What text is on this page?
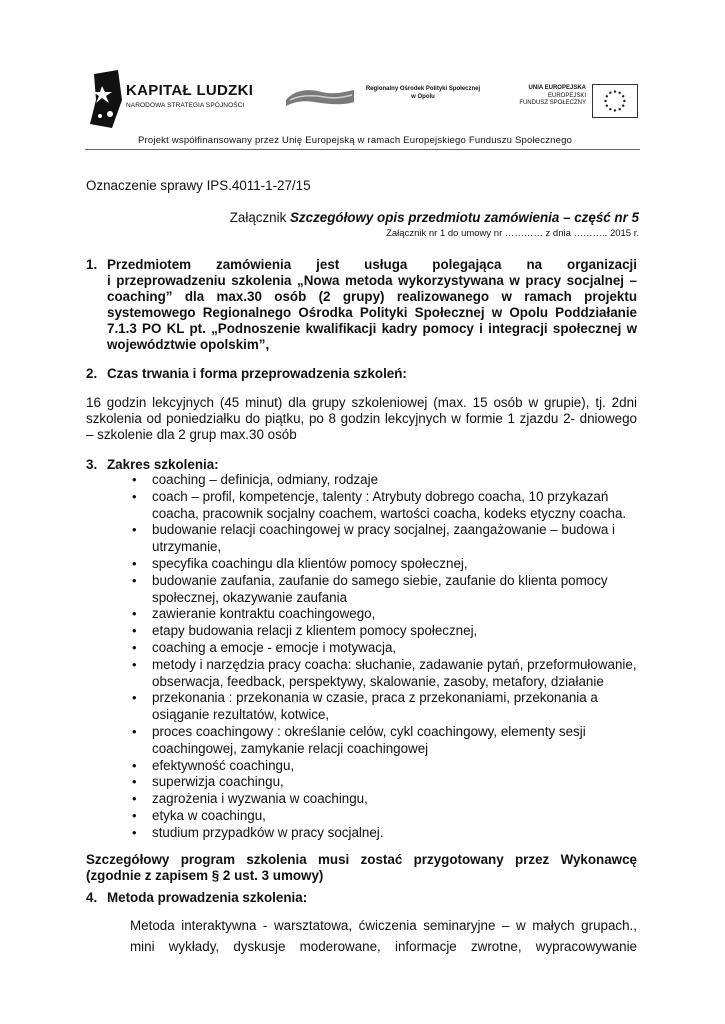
KAPITAŁ LUDZKI
NARODOWA STRATEGIA SPÓJNOŚCI
Regionalny Ośrodek Polityki Społecznej
w Opolu
UNIA EUROPEJSKA
EUROPEJSKI
FUNDUSZ SPOŁECZNY
Projekt współfinansowany przez Unię Europejską w ramach Europejskiego Funduszu Społecznego
Oznaczenie sprawy IPS.4011-1-27/15
Załącznik Szczegółowy opis przedmiotu zamówienia – część nr 5
Załącznik nr 1 do umowy nr ………… z dnia ……….. 2015 r.
1. Przedmiotem zamówienia jest usługa polegająca na organizacji
i przeprowadzeniu szkolenia „Nowa metoda wykorzystywana w pracy socjalnej –
coaching” dla max.30 osób (2 grupy) realizowanego w ramach projektu
systemowego Regionalnego Ośrodka Polityki Społecznej w Opolu Poddziałanie
7.1.3 PO KL pt. „Podnoszenie kwalifikacji kadry pomocy i integracji społecznej w
województwie opolskim”,
2. Czas trwania i forma przeprowadzenia szkoleń:
16 godzin lekcyjnych (45 minut) dla grupy szkoleniowej (max. 15 osób w grupie), tj. 2dni
szkolenia od poniedziałku do piątku, po 8 godzin lekcyjnych w formie 1 zjazdu 2- dniowego
– szkolenie dla 2 grup max.30 osób
3. Zakres szkolenia:
• coaching – definicja, odmiany, rodzaje
• coach – profil, kompetencje, talenty : Atrybuty dobrego coacha, 10 przykazań coacha, pracownik socjalny coachem, wartości coacha, kodeks etyczny coacha.
• budowanie relacji coachingowej w pracy socjalnej, zaangażowanie – budowa i utrzymanie,
• specyfika coachingu dla klientów pomocy społecznej,
• budowanie zaufania, zaufanie do samego siebie, zaufanie do klienta pomocy społecznej, okazywanie zaufania
• zawieranie kontraktu coachingowego,
• etapy budowania relacji z klientem pomocy społecznej,
• coaching a emocje - emocje i motywacja,
• metody i narzędzia pracy coacha: słuchanie, zadawanie pytań, przeformułowanie, obserwacja, feedback, perspektywy, skalowanie, zasoby, metafory, działanie
• przekonania : przekonania w czasie, praca z przekonaniami, przekonania a osiąganie rezultatów, kotwice,
• proces coachingowy : określanie celów, cykl coachingowy, elementy sesji coachingowej, zamykanie relacji coachingowej
• efektywność coachingu,
• superwizja coachingu,
• zagrożenia i wyzwania w coachingu,
• etyka w coachingu,
• studium przypadków w pracy socjalnej.
Szczegółowy program szkolenia musi zostać przygotowany przez Wykonawcę
(zgodnie z zapisem § 2 ust. 3 umowy)
4. Metoda prowadzenia szkolenia:
Metoda interaktywna - warsztatowa, ćwiczenia seminaryjne – w małych grupach.,
mini wykłady, dyskusje moderowane, informacje zwrotne, wypracowywanie
